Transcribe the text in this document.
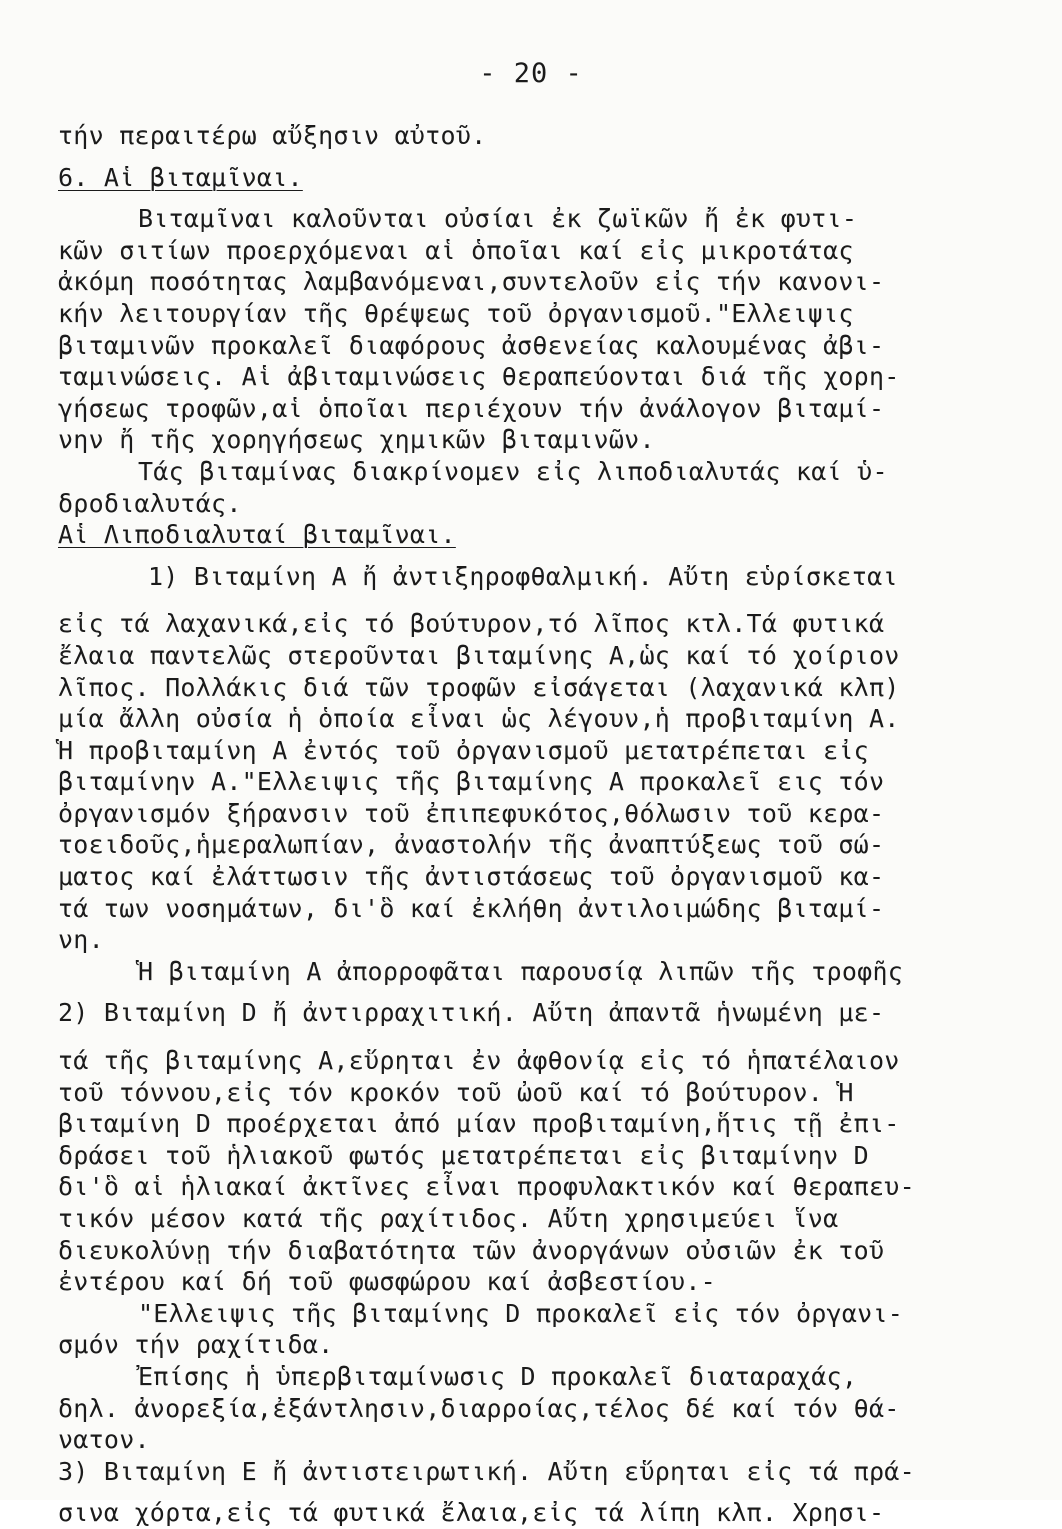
- 20 -
τήν περαιτέρω αὔξησιν αὐτοῦ.
6. Αἱ βιταμῖναι.
Βιταμῖναι καλοῦνται οὐσίαι ἐκ ζωϊκῶν ἤ ἐκ φυτι-
κῶν σιτίων προερχόμεναι αἱ ὁποῖαι καί εἰς μικροτάτας
ἀκόμη ποσότητας λαμβανόμεναι,συντελοῦν εἰς τήν κανονι-
κήν λειτουργίαν τῆς θρέψεως τοῦ ὀργανισμοῦ."Ελλειψις
βιταμινῶν προκαλεῖ διαφόρους ἀσθενείας καλουμένας ἀβι-
ταμινώσεις. Αἱ ἀβιταμινώσεις θεραπεύονται διά τῆς χορη-
γήσεως τροφῶν,αἱ ὁποῖαι περιέχουν τήν ἀνάλογον βιταμί-
νην ἤ τῆς χορηγήσεως χημικῶν βιταμινῶν.
Τάς βιταμίνας διακρίνομεν εἰς λιποδιαλυτάς καί ὑ-
δροδιαλυτάς.
Αἱ Λιποδιαλυταί βιταμῖναι.
1) Βιταμίνη Α ἤ ἀντιξηροφθαλμική. Αὔτη εὑρίσκεται
εἰς τά λαχανικά,εἰς τό βούτυρον,τό λῖπος κτλ.Τά φυτικά
ἔλαια παντελῶς στεροῦνται βιταμίνης Α,ὡς καί τό χοίριον
λῖπος. Πολλάκις διά τῶν τροφῶν εἰσάγεται (λαχανικά κλπ)
μία ἄλλη οὐσία ἡ ὁποία εἶναι ὡς λέγουν,ἡ προβιταμίνη Α.
Ἡ προβιταμίνη Α ἐντός τοῦ ὀργανισμοῦ μετατρέπεται εἰς
βιταμίνην Α."Ελλειψις τῆς βιταμίνης Α προκαλεῖ εις τόν
ὀργανισμόν ξήρανσιν τοῦ ἐπιπεφυκότος,θόλωσιν τοῦ κερα-
τοειδοῦς,ἡμεραλωπίαν, ἀναστολήν τῆς ἀναπτύξεως τοῦ σώ-
ματος καί ἐλάττωσιν τῆς ἀντιστάσεως τοῦ ὀργανισμοῦ κα-
τά των νοσημάτων, δι'ὃ καί ἐκλήθη ἀντιλοιμώδης βιταμί-
νη.
Ἡ βιταμίνη Α ἀπορροφᾶται παρουσίᾳ λιπῶν τῆς τροφῆς
2) Βιταμίνη D ἤ ἀντιρραχιτική. Αὔτη ἀπαντᾶ ἡνωμένη με-
τά τῆς βιταμίνης Α,εὕρηται ἐν ἀφθονίᾳ εἰς τό ἡπατέλαιον
τοῦ τόννου,εἰς τόν κροκόν τοῦ ὠοῦ καί τό βούτυρον. Ἡ
βιταμίνη D προέρχεται ἀπό μίαν προβιταμίνη,ἥτις τῇ ἐπι-
δράσει τοῦ ἡλιακοῦ φωτός μετατρέπεται εἰς βιταμίνην D
δι'ὃ αἱ ἡλιακαί ἀκτῖνες εἶναι προφυλακτικόν καί θεραπευ-
τικόν μέσον κατά τῆς ραχίτιδος. Αὔτη χρησιμεύει ἵνα
διευκολύνῃ τήν διαβατότητα τῶν ἀνοργάνων οὐσιῶν ἐκ τοῦ
ἐντέρου καί δή τοῦ φωσφώρου καί ἀσβεστίου.-
"Ελλειψις τῆς βιταμίνης D προκαλεῖ εἰς τόν ὀργανι-
σμόν τήν ραχίτιδα.
Ἐπίσης ἡ ὑπερβιταμίνωσις D προκαλεῖ διαταραχάς,
δηλ. ἀνορεξία,ἐξάντλησιν,διαρροίας,τέλος δέ καί τόν θά-
νατον.
3) Βιταμίνη Ε ἤ ἀντιστειρωτική. Αὔτη εὕρηται εἰς τά πρά-
σινα χόρτα,εἰς τά φυτικά ἔλαια,εἰς τά λίπη κλπ. Χρησι-
